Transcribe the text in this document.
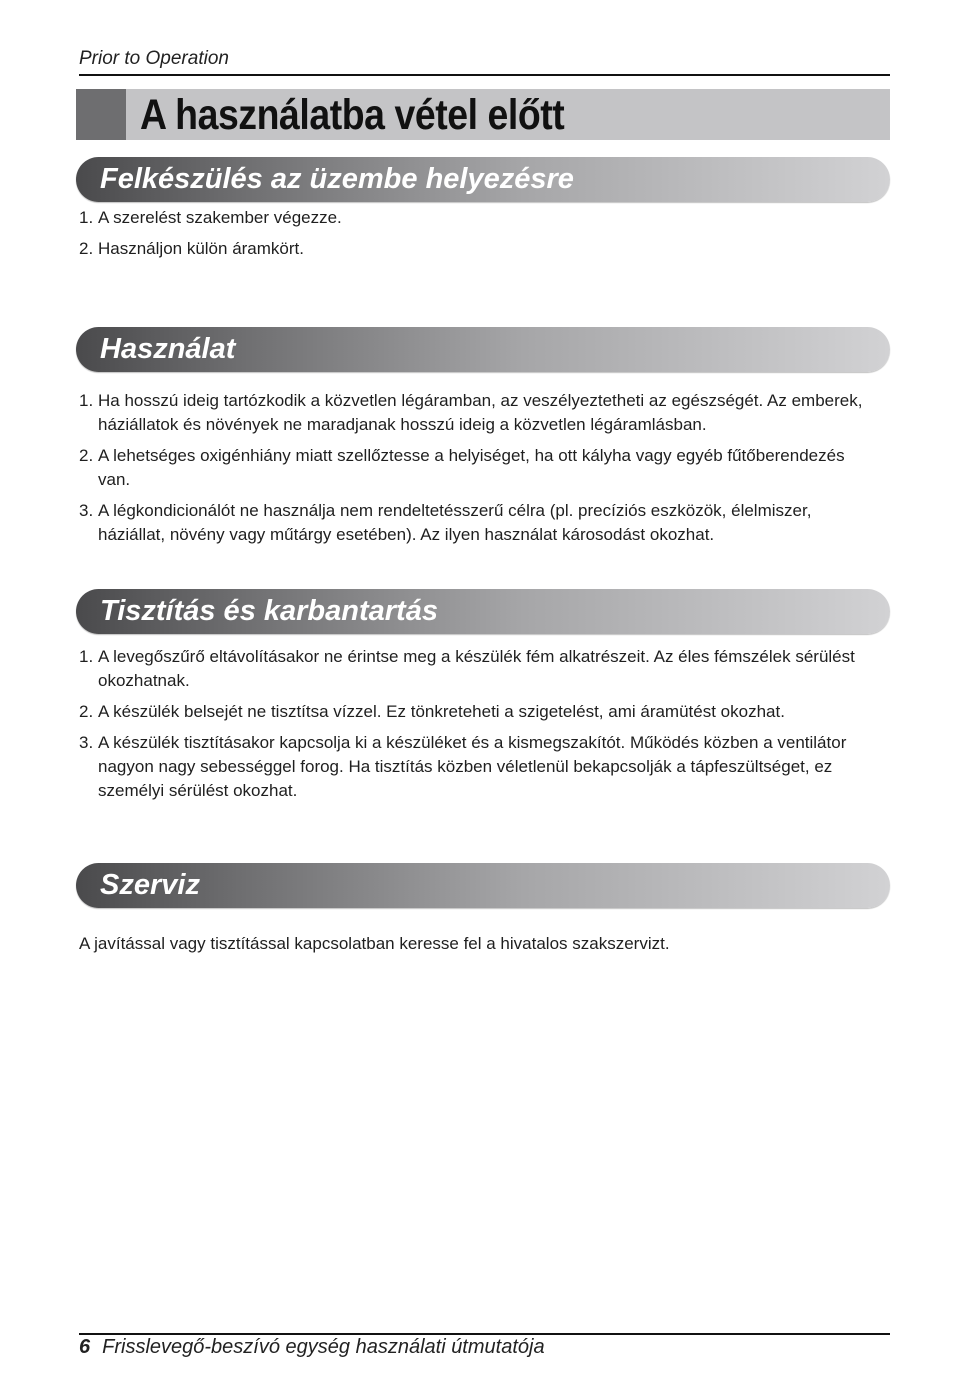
Prior to Operation
A használatba vétel előtt
Felkészülés az üzembe helyezésre
1. A szerelést szakember végezze.
2. Használjon külön áramkört.
Használat
1. Ha hosszú ideig tartózkodik a közvetlen légáramban, az veszélyeztetheti az egészségét. Az emberek, háziállatok és növények ne maradjanak hosszú ideig a közvetlen légáramlásban.
2. A lehetséges oxigénhiány miatt szellőztesse a helyiséget, ha ott kályha vagy egyéb fűtőberendezés van.
3. A légkondicionálót ne használja nem rendeltetésszerű célra (pl. precíziós eszközök, élelmiszer, háziállat, növény vagy műtárgy esetében). Az ilyen használat károsodást okozhat.
Tisztítás és karbantartás
1. A levegőszűrő eltávolításakor ne érintse meg a készülék fém alkatrészeit. Az éles fémszélek sérülést okozhatnak.
2. A készülék belsejét ne tisztítsa vízzel. Ez tönkreteheti a szigetelést, ami áramütést okozhat.
3. A készülék tisztításakor kapcsolja ki a készüléket és a kismegszakítót. Működés közben a ventilátor nagyon nagy sebességgel forog. Ha tisztítás közben véletlenül bekapcsolják a tápfeszültséget, ez személyi sérülést okozhat.
Szerviz
A javítással vagy tisztítással kapcsolatban keresse fel a hivatalos szakszervizt.
6 Frisslevegő-beszívó egység használati útmutatója
